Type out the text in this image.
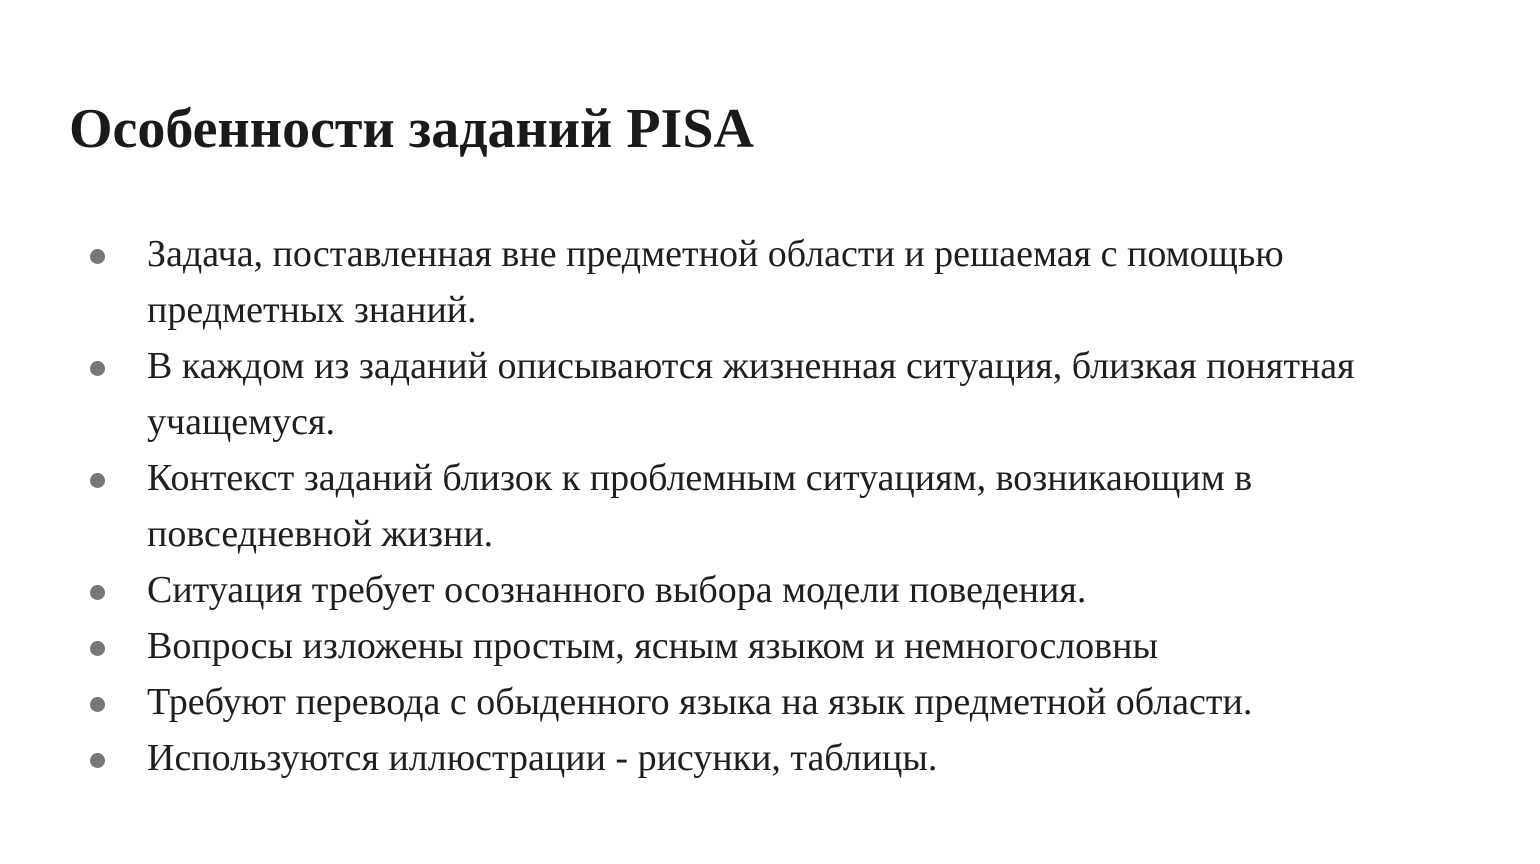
Особенности заданий PISA
Задача, поставленная вне предметной области и решаемая с помощью предметных знаний.
В каждом из заданий описываются жизненная ситуация, близкая понятная учащемуся.
Контекст заданий близок к проблемным ситуациям, возникающим в повседневной жизни.
Ситуация требует осознанного выбора модели поведения.
Вопросы изложены простым, ясным языком и немногословны
Требуют перевода с обыденного языка на язык предметной области.
Используются иллюстрации - рисунки, таблицы.
